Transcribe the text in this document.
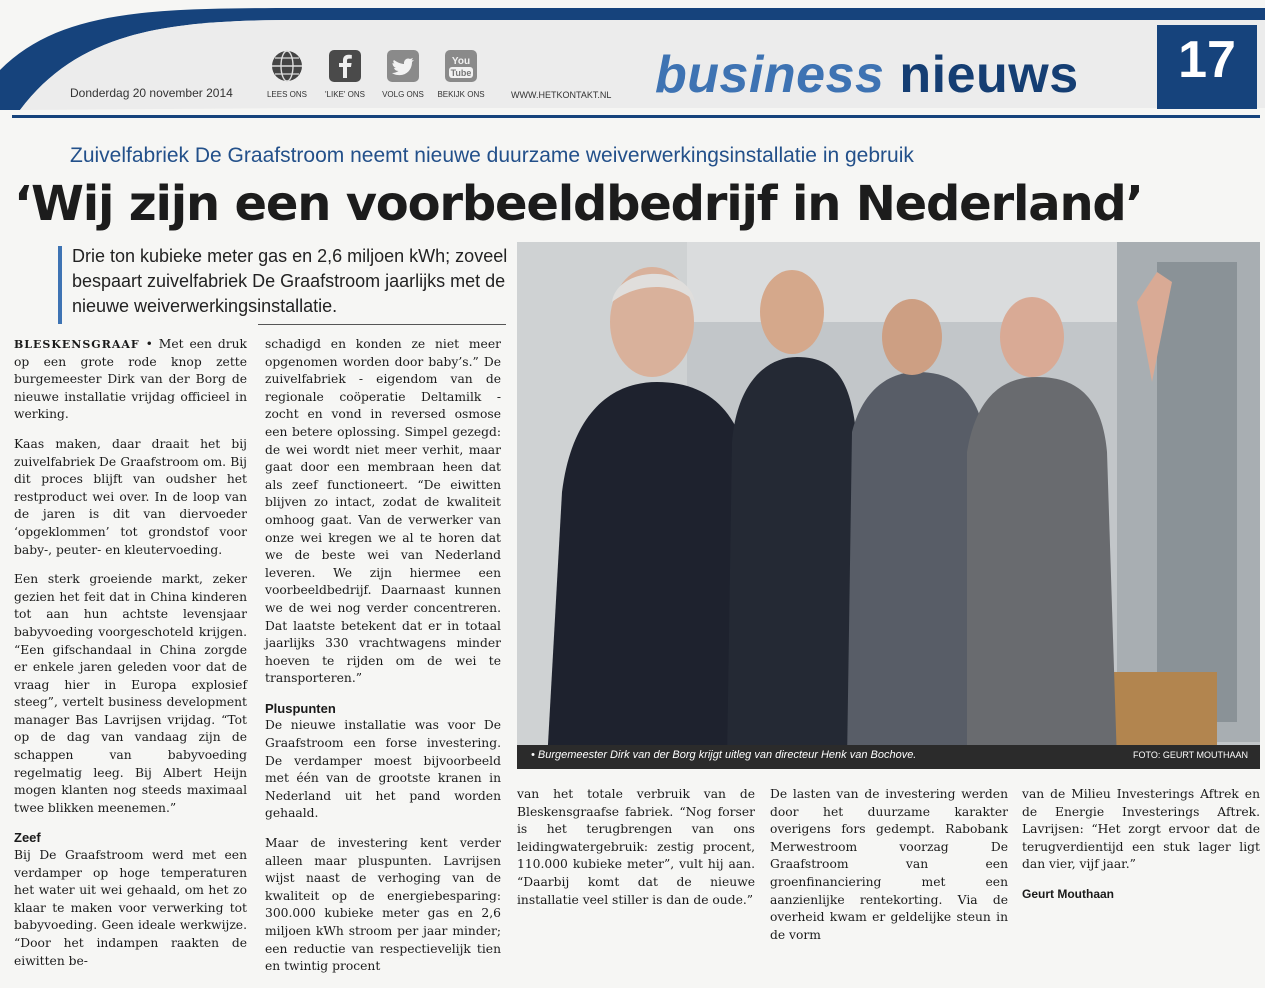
Donderdag 20 november 2014	LEES ONS	'LIKE' ONS	VOLG ONS
You
Tube
BEKIJK ONS	WWW.HETKONTAKT.NL business nieuws	17
Zuivelfabriek De Graafstroom neemt nieuwe duurzame weiverwerkingsinstallatie in gebruik
‘Wij zijn een voorbeeldbedrijf in Nederland’
Drie ton kubieke meter gas en 2,6 miljoen kWh; zoveel bespaart zuivelfabriek De Graafstroom jaarlijks met de nieuwe weiverwerkingsinstallatie.

BLESKENSGRAAF • Met een druk op een grote rode knop zette burgemeester Dirk van der Borg de nieuwe installatie vrijdag officieel in werking.

Kaas maken, daar draait het bij zuivelfabriek De Graafstroom om. Bij dit proces blijft van oudsher het restproduct wei over. In de loop van de jaren is dit van diervoeder ‘opgeklommen’ tot grondstof voor baby-, peuter- en kleutervoeding.

Een sterk groeiende markt, zeker gezien het feit dat in China kinderen tot aan hun achtste levensjaar babyvoeding voorgeschoteld krijgen. “Een gifschandaal in China zorgde er enkele jaren geleden voor dat de vraag hier in Europa explosief steeg”, vertelt business development manager Bas Lavrijsen vrijdag. “Tot op de dag van vandaag zijn de schappen van babyvoeding regelmatig leeg. Bij Albert Heijn mogen klanten nog steeds maximaal twee blikken meenemen.”

Zeef

Bij De Graafstroom werd met een verdamper op hoge temperaturen het water uit wei gehaald, om het zo klaar te maken voor verwerking tot babyvoeding. Geen ideale werkwijze. “Door het indampen raakten de eiwitten be-

schadigd en konden ze niet meer opgenomen worden door baby’s.” De zuivelfabriek - eigendom van de regionale coöperatie Deltamilk - zocht en vond in reversed osmose een betere oplossing. Simpel gezegd: de wei wordt niet meer verhit, maar gaat door een membraan heen dat als zeef functioneert. “De eiwitten blijven zo intact, zodat de kwaliteit omhoog gaat. Van de verwerker van onze wei kregen we al te horen dat we de beste wei van Nederland leveren. We zijn hiermee een voorbeeldbedrijf. Daarnaast kunnen we de wei nog verder concentreren. Dat laatste betekent dat er in totaal jaarlijks 330 vrachtwagens minder hoeven te rijden om de wei te transporteren.”

Pluspunten

De nieuwe installatie was voor De Graafstroom een forse investering. De verdamper moest bijvoorbeeld met één van de grootste kranen in Nederland uit het pand worden gehaald.

Maar de investering kent verder alleen maar pluspunten. Lavrijsen wijst naast de verhoging van de kwaliteit op de energiebesparing: 300.000 kubieke meter gas en 2,6 miljoen kWh stroom per jaar minder; een reductie van respectievelijk tien en twintig procent

• Burgemeester Dirk van der Borg krijgt uitleg van directeur Henk van Bochove.	FOTO: GEURT MOUTHAAN

van het totale verbruik van de Bleskensgraafse fabriek. “Nog forser is het terugbrengen van ons leidingwatergebruik: zestig procent, 110.000 kubieke meter”, vult hij aan. “Daarbij komt dat de nieuwe installatie veel stiller is dan de oude.”

De lasten van de investering werden door het duurzame karakter overigens fors gedempt. Rabobank Merwestroom voorzag De Graafstroom van een groenfinanciering met een aanzienlijke rentekorting. Via de overheid kwam er geldelijke steun in de vorm

van de Milieu Investerings Aftrek en de Energie Investerings Aftrek. Lavrijsen: “Het zorgt ervoor dat de terugverdientijd een stuk lager ligt dan vier, vijf jaar.”

Geurt Mouthaan
